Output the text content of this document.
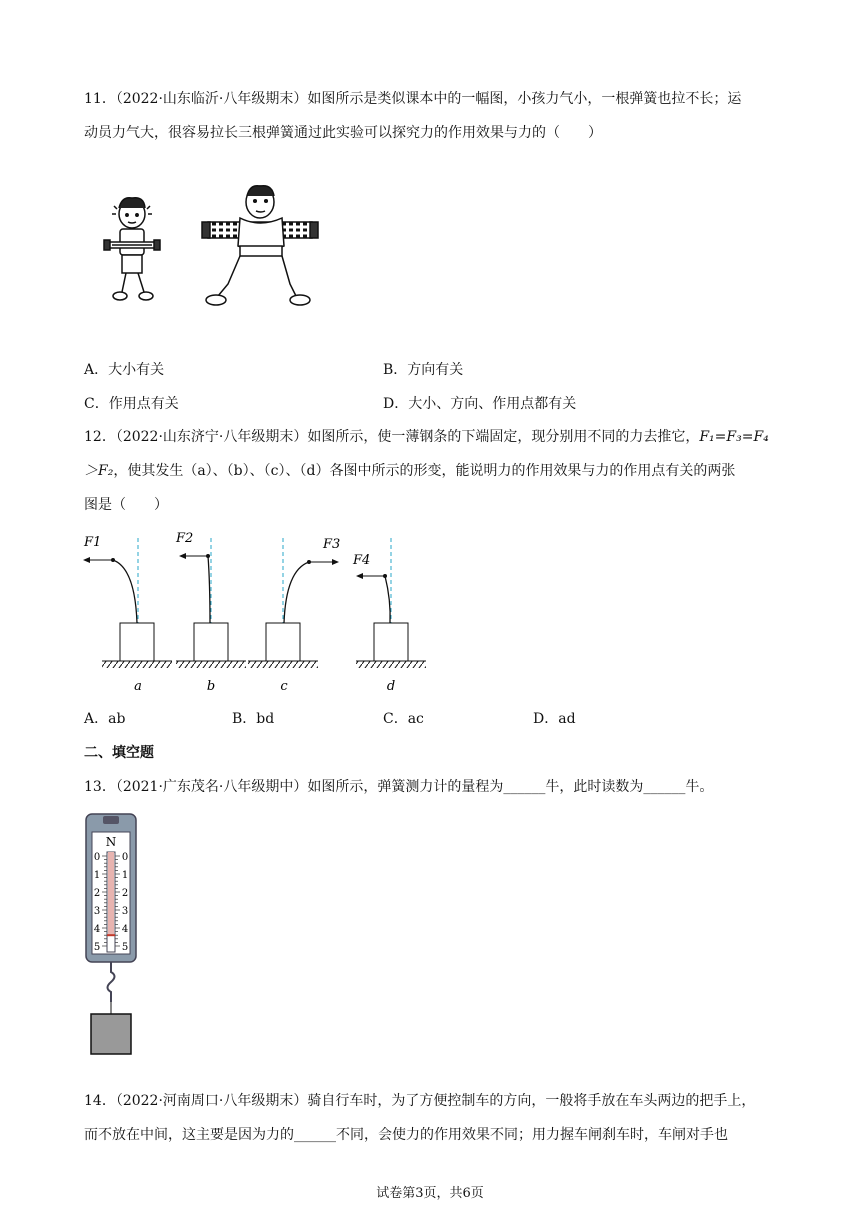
11．（2022·山东临沂·八年级期末）如图所示是类似课本中的一幅图，小孩力气小，一根弹簧也拉不长；运
动员力气大，很容易拉长三根弹簧通过此实验可以探究力的作用效果与力的（　　）
A．大小有关	B．方向有关
C．作用点有关	D．大小、方向、作用点都有关
12．（2022·山东济宁·八年级期末）如图所示，使一薄钢条的下端固定，现分别用不同的力去推它，F₁=F₃=F₄
＞F₂，使其发生（a）、（b）、（c）、（d）各图中所示的形变，能说明力的作用效果与力的作用点有关的两张
图是（　　）
F1
a
F2
b
F3
c
F4
d
A．ab	B．bd	C．ac	D．ad
二、填空题
13．（2021·广东茂名·八年级期中）如图所示，弹簧测力计的量程为______牛，此时读数为______牛。
N
0 0
1 1
2 2
3 3
4 4
5 5
14．（2022·河南周口·八年级期末）骑自行车时，为了方便控制车的方向，一般将手放在车头两边的把手上，
而不放在中间，这主要是因为力的______不同，会使力的作用效果不同；用力握车闸刹车时，车闸对手也
试卷第3页，共6页
